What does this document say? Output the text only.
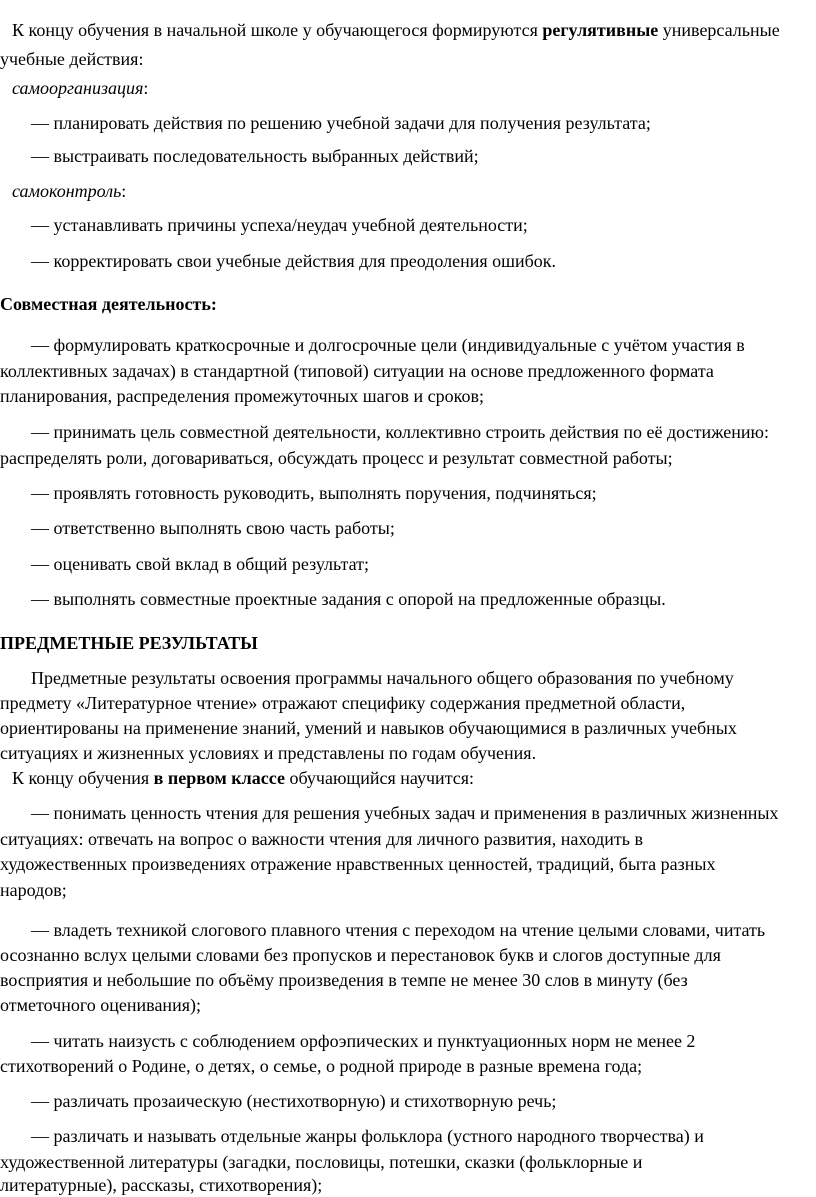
К концу обучения в начальной школе у обучающегося формируются регулятивные универсальные
учебные действия:
самоорганизация:
— планировать действия по решению учебной задачи для получения результата;
— выстраивать последовательность выбранных действий;
самоконтроль:
— устанавливать причины успеха/неудач учебной деятельности;
— корректировать свои учебные действия для преодоления ошибок.
Совместная деятельность:
— формулировать краткосрочные и долгосрочные цели (индивидуальные с учётом участия в
коллективных задачах) в стандартной (типовой) ситуации на основе предложенного формата
планирования, распределения промежуточных шагов и сроков;
— принимать цель совместной деятельности, коллективно строить действия по её достижению:
распределять роли, договариваться, обсуждать процесс и результат совместной работы;
— проявлять готовность руководить, выполнять поручения, подчиняться;
— ответственно выполнять свою часть работы;
— оценивать свой вклад в общий результат;
— выполнять совместные проектные задания с опорой на предложенные образцы.
ПРЕДМЕТНЫЕ РЕЗУЛЬТАТЫ
Предметные результаты освоения программы начального общего образования по учебному
предмету «Литературное чтение» отражают специфику содержания предметной области,
ориентированы на применение знаний, умений и навыков обучающимися в различных учебных
ситуациях и жизненных условиях и представлены по годам обучения.
К концу обучения в первом классе обучающийся научится:
— понимать ценность чтения для решения учебных задач и применения в различных жизненных
ситуациях: отвечать на вопрос о важности чтения для личного развития, находить в
художественных произведениях отражение нравственных ценностей, традиций, быта разных
народов;
— владеть техникой слогового плавного чтения с переходом на чтение целыми словами, читать
осознанно вслух целыми словами без пропусков и перестановок букв и слогов доступные для
восприятия и небольшие по объёму произведения в темпе не менее 30 слов в минуту (без
отметочного оценивания);
— читать наизусть с соблюдением орфоэпических и пунктуационных норм не менее 2
стихотворений о Родине, о детях, о семье, о родной природе в разные времена года;
— различать прозаическую (нестихотворную) и стихотворную речь;
— различать и называть отдельные жанры фольклора (устного народного творчества) и
художественной литературы (загадки, пословицы, потешки, сказки (фольклорные и
литературные), рассказы, стихотворения);
